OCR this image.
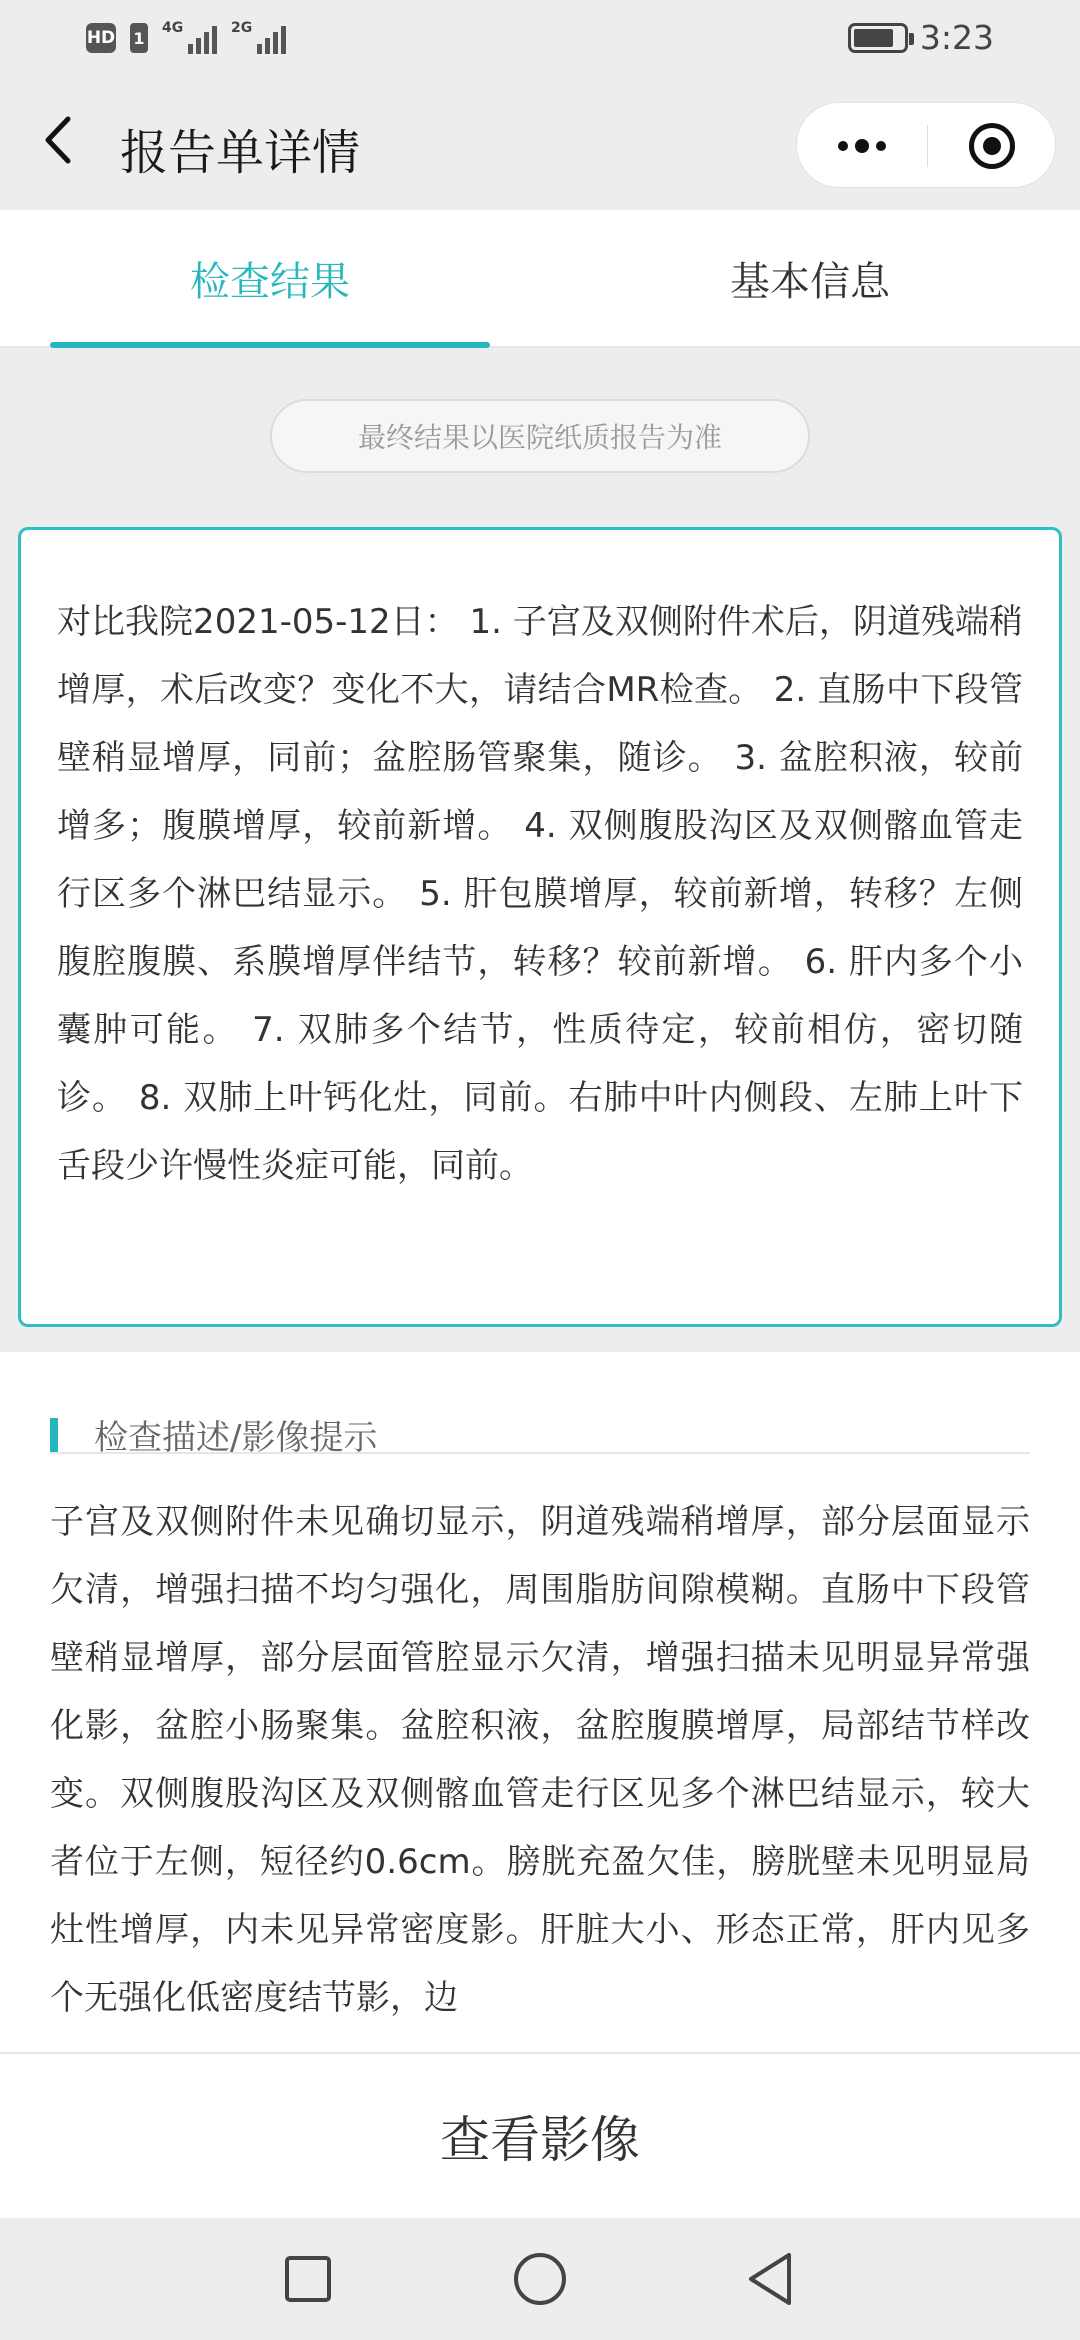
HD 1
4G	2G	3:23
报告单详情
检查结果	基本信息
最终结果以医院纸质报告为准

对比我院2021-05-12日： 1. 子宫及双侧附件术后，阴道残端稍增厚，术后改变？变化不大，请结合MR检查。 2. 直肠中下段管壁稍显增厚，同前；盆腔肠管聚集，随诊。 3. 盆腔积液，较前增多；腹膜增厚，较前新增。 4. 双侧腹股沟区及双侧髂血管走行区多个淋巴结显示。 5. 肝包膜增厚，较前新增，转移？左侧腹腔腹膜、系膜增厚伴结节，转移？较前新增。 6. 肝内多个小囊肿可能。 7. 双肺多个结节，性质待定，较前相仿，密切随诊。 8. 双肺上叶钙化灶，同前。右肺中叶内侧段、左肺上叶下舌段少许慢性炎症可能，同前。

检查描述/影像提示

子宫及双侧附件未见确切显示，阴道残端稍增厚，部分层面显示欠清，增强扫描不均匀强化，周围脂肪间隙模糊。直肠中下段管壁稍显增厚，部分层面管腔显示欠清，增强扫描未见明显异常强化影，盆腔小肠聚集。盆腔积液，盆腔腹膜增厚，局部结节样改变。双侧腹股沟区及双侧髂血管走行区见多个淋巴结显示，较大者位于左侧，短径约0.6cm。膀胱充盈欠佳，膀胱壁未见明显局灶性增厚，内未见异常密度影。肝脏大小、形态正常，肝内见多个无强化低密度结节影，边

查看影像
